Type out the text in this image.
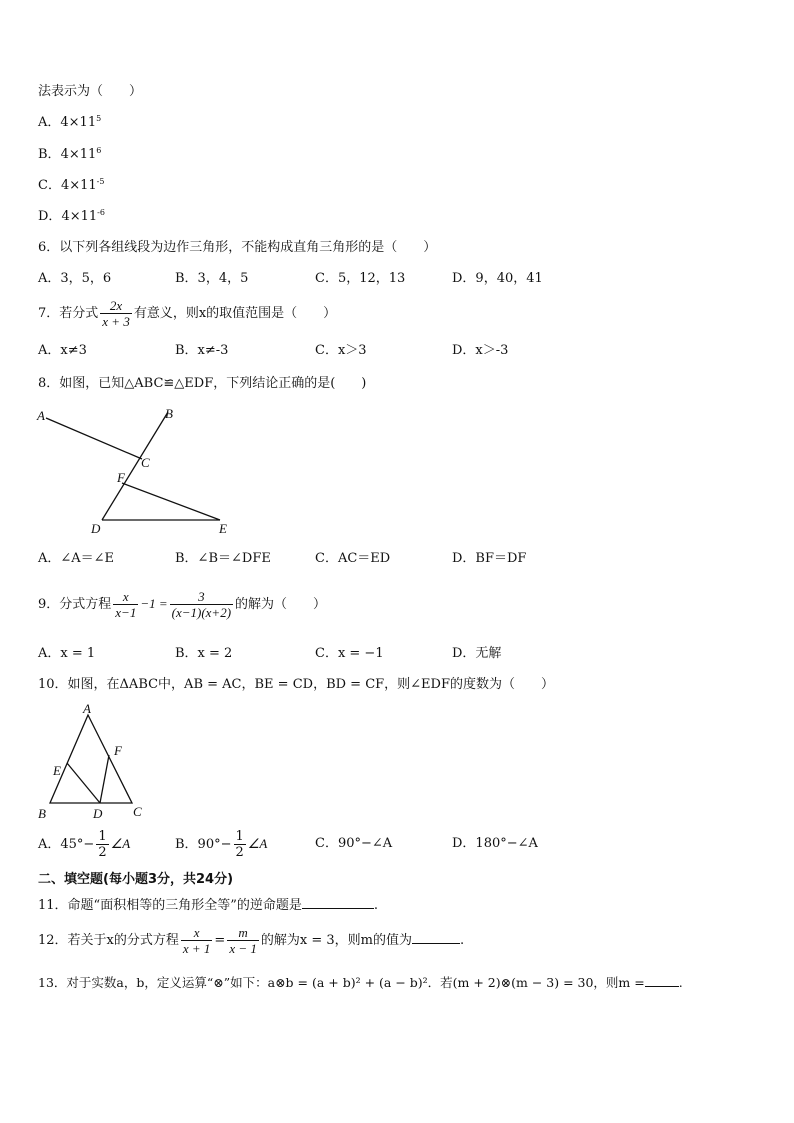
法表示为（　　）
A．$4\times 11^5$
B．$4\times 11^6$
C．$4\times 11^{-5}$
D．$4\times 11^{-6}$
6．以下列各组线段为边作三角形，不能构成直角三角形的是（　　）
A．3，5，6	B．3，4，5	C．5，12，13	D．9，40，41
7．若分式 $\frac{2x}{x + 3}$ 有意义，则x的取值范围是（　　）
A．x≠3	B．x≠-3	C．x＞3	D．x＞-3
8．如图，已知△ABC≌△EDF，下列结论正确的是(　　)
A	B
C
F
D	E
A．∠A＝∠E	B．∠B＝∠DFE	C．AC＝ED	D．BF＝DF
9．分式方程 $\frac{x}{x-1} -1 = \frac{3}{(x-1)(x+2)}$ 的解为（　　）
A．x = 1	B．x = 2	C．x = −1	D．无解
10．如图，在ΔABC中，AB = AC，BE = CD，BD = CF，则∠EDF的度数为（　　）
A
F
E
B	D C
A．$45^\circ- \frac{1}{2}$ ∠A	B．$90^\circ- \frac{1}{2}$ ∠A	C．90°−∠A	D．180°−∠A
二、填空题(每小题3分，共24分)
11．命题“面积相等的三角形全等”的逆命题是	.
12．若关于x的分式方程 $\frac{x}{x + 1} = \frac{m}{x - 1}$ 的解为x = 3，则m的值为	.
13．对于实数a，b，定义运算“⊗”如下：a⊗b = (a + b)² + (a − b)²．若(m + 2)⊗(m − 3) = 30，则m =	.
